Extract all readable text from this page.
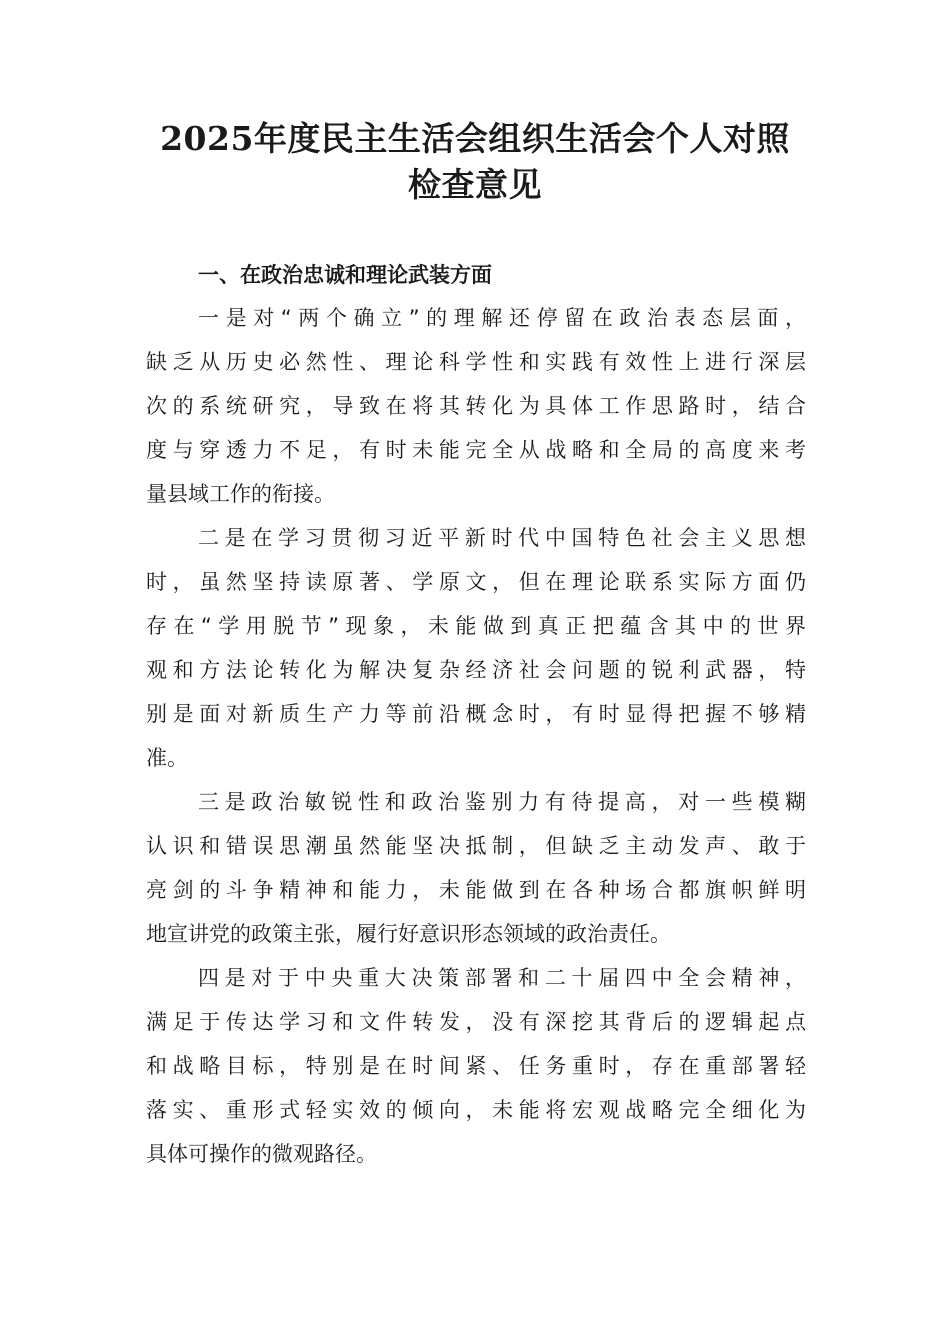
2025年度民主生活会组织生活会个人对照
检查意见
一、在政治忠诚和理论武装方面

一是对“两个确立”的理解还停留在政治表态层面，
缺乏从历史必然性、理论科学性和实践有效性上进行深层
次的系统研究，导致在将其转化为具体工作思路时，结合
度与穿透力不足，有时未能完全从战略和全局的高度来考
量县域工作的衔接。

二是在学习贯彻习近平新时代中国特色社会主义思想
时，虽然坚持读原著、学原文，但在理论联系实际方面仍
存在“学用脱节”现象，未能做到真正把蕴含其中的世界
观和方法论转化为解决复杂经济社会问题的锐利武器，特
别是面对新质生产力等前沿概念时，有时显得把握不够精
准。

三是政治敏锐性和政治鉴别力有待提高，对一些模糊
认识和错误思潮虽然能坚决抵制，但缺乏主动发声、敢于
亮剑的斗争精神和能力，未能做到在各种场合都旗帜鲜明
地宣讲党的政策主张，履行好意识形态领域的政治责任。

四是对于中央重大决策部署和二十届四中全会精神，
满足于传达学习和文件转发，没有深挖其背后的逻辑起点
和战略目标，特别是在时间紧、任务重时，存在重部署轻
落实、重形式轻实效的倾向，未能将宏观战略完全细化为
具体可操作的微观路径。
